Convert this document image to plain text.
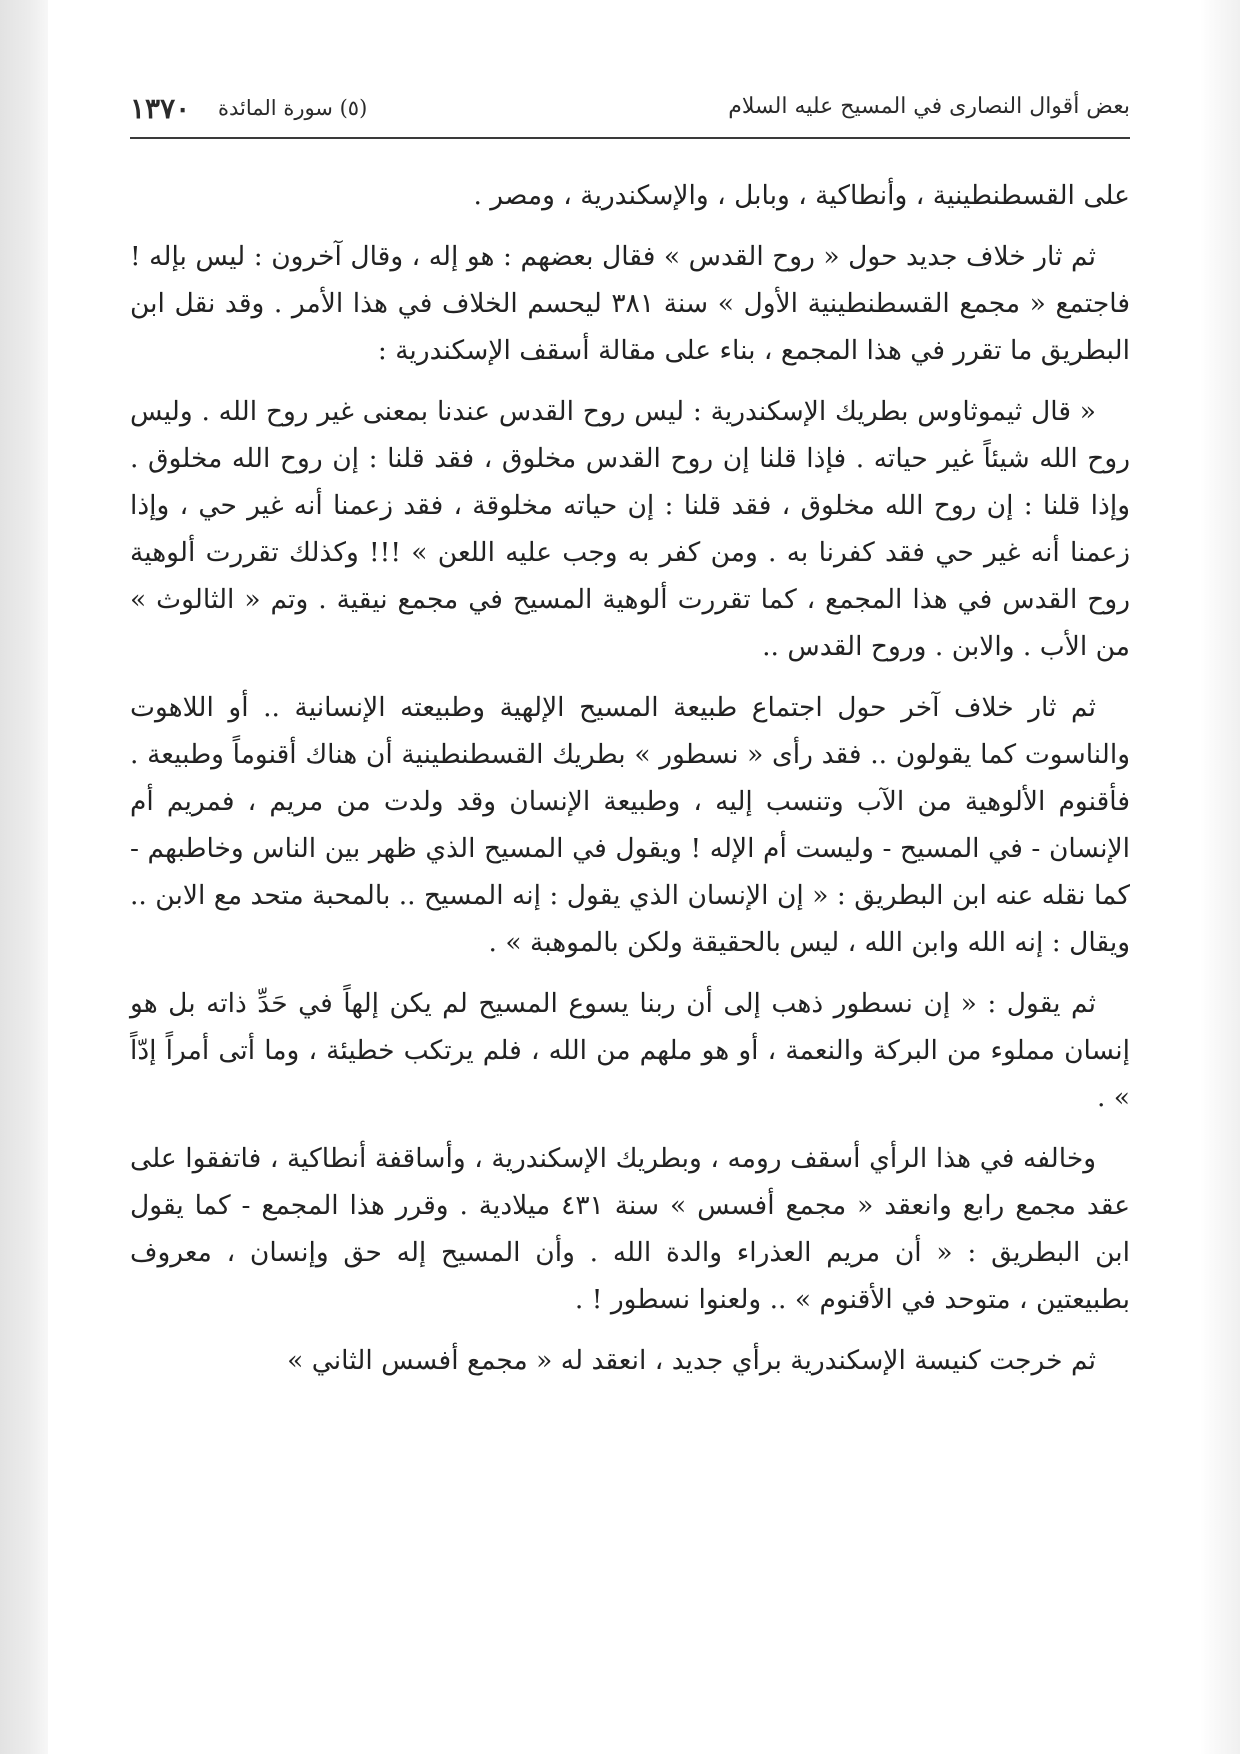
١٣٧٠ (٥) سورة المائدة	بعض أقوال النصارى في المسيح عليه السلام

على القسطنطينية ، وأنطاكية ، وبابل ، والإسكندرية ، ومصر .

ثم ثار خلاف جديد حول « روح القدس » فقال بعضهم : هو إله ، وقال آخرون : ليس بإله ! فاجتمع « مجمع القسطنطينية الأول » سنة ٣٨١ ليحسم الخلاف في هذا الأمر . وقد نقل ابن البطريق ما تقرر في هذا المجمع ، بناء على مقالة أسقف الإسكندرية :

« قال ثيموثاوس بطريك الإسكندرية : ليس روح القدس عندنا بمعنى غير روح الله . وليس روح الله شيئاً غير حياته . فإذا قلنا إن روح القدس مخلوق ، فقد قلنا : إن روح الله مخلوق . وإذا قلنا : إن روح الله مخلوق ، فقد قلنا : إن حياته مخلوقة ، فقد زعمنا أنه غير حي ، وإذا زعمنا أنه غير حي فقد كفرنا به . ومن كفر به وجب عليه اللعن » !!! وكذلك تقررت ألوهية روح القدس في هذا المجمع ، كما تقررت ألوهية المسيح في مجمع نيقية . وتم « الثالوث » من الأب . والابن . وروح القدس ..

ثم ثار خلاف آخر حول اجتماع طبيعة المسيح الإلهية وطبيعته الإنسانية .. أو اللاهوت والناسوت كما يقولون .. فقد رأى « نسطور » بطريك القسطنطينية أن هناك أقنوماً وطبيعة . فأقنوم الألوهية من الآب وتنسب إليه ، وطبيعة الإنسان وقد ولدت من مريم ، فمريم أم الإنسان - في المسيح - وليست أم الإله ! ويقول في المسيح الذي ظهر بين الناس وخاطبهم - كما نقله عنه ابن البطريق : « إن الإنسان الذي يقول : إنه المسيح .. بالمحبة متحد مع الابن .. ويقال : إنه الله وابن الله ، ليس بالحقيقة ولكن بالموهبة » .

ثم يقول : « إن نسطور ذهب إلى أن ربنا يسوع المسيح لم يكن إلهاً في حَدِّ ذاته بل هو إنسان مملوء من البركة والنعمة ، أو هو ملهم من الله ، فلم يرتكب خطيئة ، وما أتى أمراً إدّاً » .

وخالفه في هذا الرأي أسقف رومه ، وبطريك الإسكندرية ، وأساقفة أنطاكية ، فاتفقوا على عقد مجمع رابع وانعقد « مجمع أفسس » سنة ٤٣١ ميلادية . وقرر هذا المجمع - كما يقول ابن البطريق : « أن مريم العذراء والدة الله . وأن المسيح إله حق وإنسان ، معروف بطبيعتين ، متوحد في الأقنوم » .. ولعنوا نسطور ! .

ثم خرجت كنيسة الإسكندرية برأي جديد ، انعقد له « مجمع أفسس الثاني »
